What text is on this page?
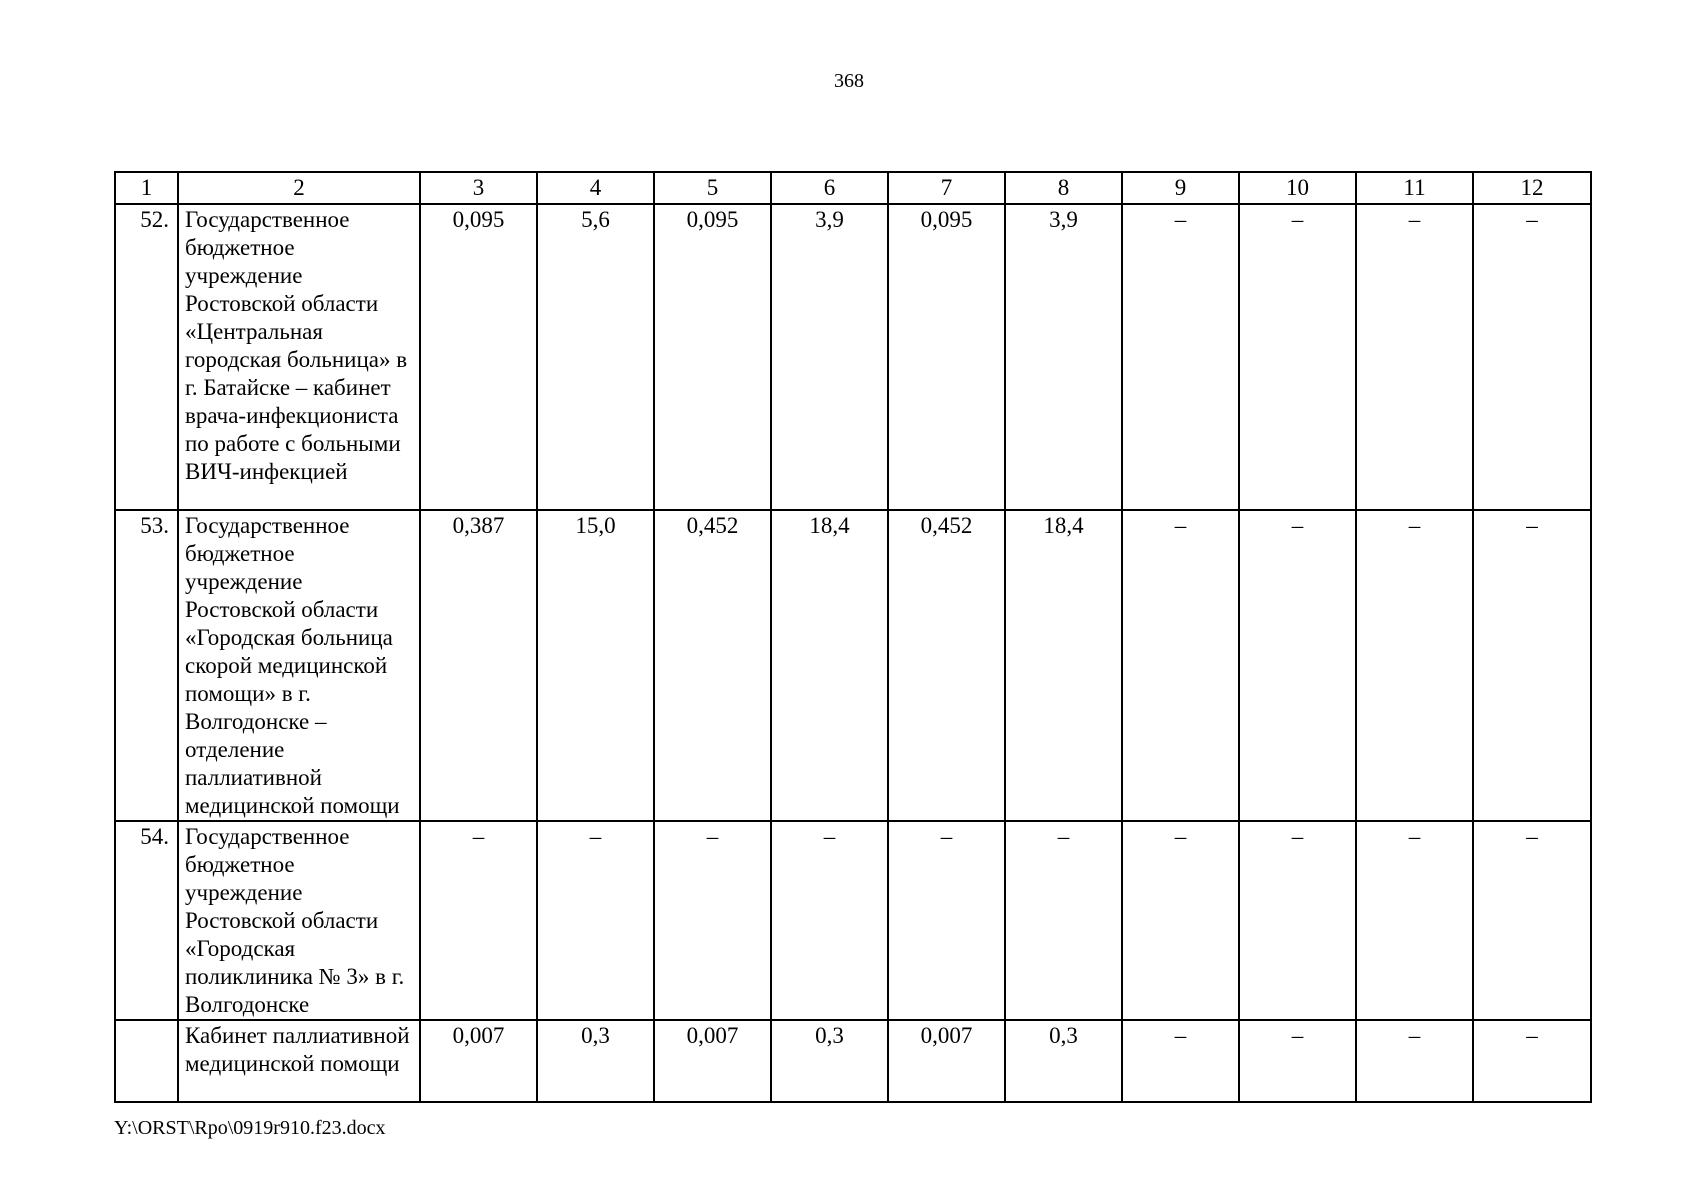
368
1	2	3	4	5	6	7	8	9	10	11	12
52.	Государственное бюджетное учреждение Ростовской области «Центральная городская больница» в г. Батайске – кабинет врача-инфекциониста по работе с больными ВИЧ-инфекцией	0,095	5,6	0,095	3,9	0,095	3,9	–	–	–	–
53.	Государственное бюджетное учреждение Ростовской области «Городская больница скорой медицинской помощи» в г. Волгодонске – отделение паллиативной медицинской помощи	0,387	15,0	0,452	18,4	0,452	18,4	–	–	–	–
54.	Государственное бюджетное учреждение Ростовской области «Городская поликлиника № 3» в г. Волгодонске	–	–	–	–	–	–	–	–	–	–
	Кабинет паллиативной медицинской помощи	0,007	0,3	0,007	0,3	0,007	0,3	–	–	–	–
Y:\ORST\Rpo\0919r910.f23.docx
